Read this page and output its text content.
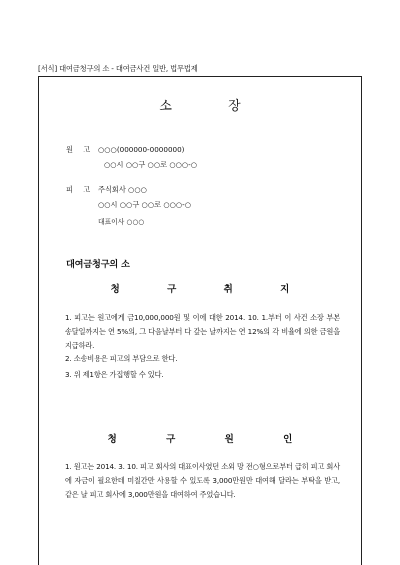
[서식] 대여금청구의 소 - 대여금사건 일반, 법무법제
소 장
원 고 ○○○(000000-0000000)
○○시 ○○구 ○○로 ○○○-○
피 고 주식회사 ○○○
○○시 ○○구 ○○로 ○○○-○
대표이사 ○○○
대여금청구의 소
청 구 취 지
1. 피고는 원고에게 금10,000,000원 및 이에 대한 2014. 10. 1.부터 이 사건 소장 부본 송달일까지는 연 5%의, 그 다음날부터 다 갚는 날까지는 연 12%의 각 비율에 의한 금원을 지급하라.
2. 소송비용은 피고의 부담으로 한다.
3. 위 제1항은 가집행할 수 있다.
청 구 원 인
1. 원고는 2014. 3. 10. 피고 회사의 대표이사였던 소외 망 전○형으로부터 급히 피고 회사에 자금이 필요한데 미칠간만 사용할 수 있도록 3,000만원만 대여해 달라는 부탁을 받고, 같은 날 피고 회사에 3,000만원을 대여하여 주었습니다.
